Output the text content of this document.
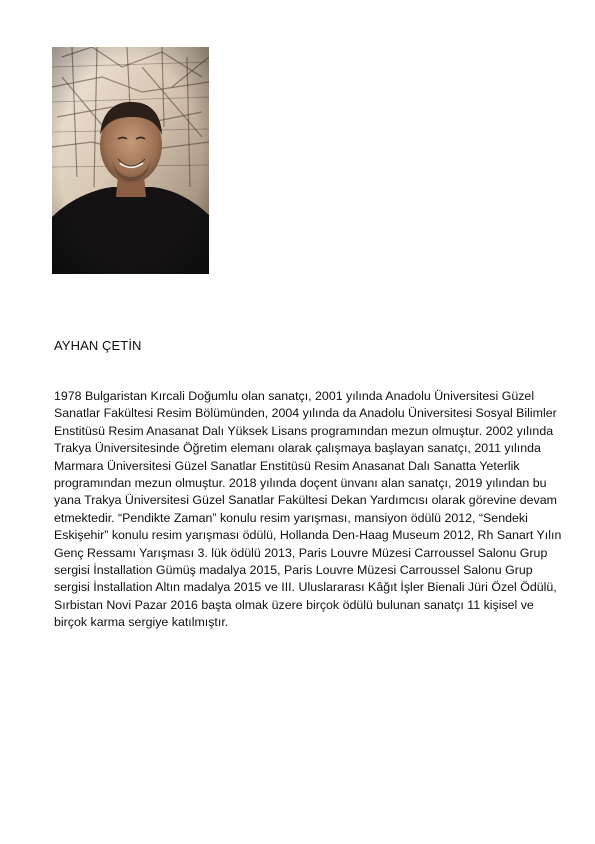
AYHAN ÇETİN

1978 Bulgaristan Kırcali Doğumlu olan sanatçı, 2001 yılında Anadolu Üniversitesi Güzel Sanatlar Fakültesi Resim Bölümünden, 2004 yılında da Anadolu Üniversitesi Sosyal Bilimler Enstitüsü Resim Anasanat Dalı Yüksek Lisans programından mezun olmuştur. 2002 yılında Trakya Üniversitesinde Öğretim elemanı olarak çalışmaya başlayan sanatçı, 2011 yılında Marmara Üniversitesi Güzel Sanatlar Enstitüsü Resim Anasanat Dalı Sanatta Yeterlik programından mezun olmuştur. 2018 yılında doçent ünvanı alan sanatçı, 2019 yılından bu yana Trakya Üniversitesi Güzel Sanatlar Fakültesi Dekan Yardımcısı olarak görevine devam etmektedir. “Pendikte Zaman” konulu resim yarışması, mansiyon ödülü 2012, “Sendeki Eskişehir” konulu resim yarışması ödülü, Hollanda Den-Haag Museum 2012, Rh Sanart Yılın Genç Ressamı Yarışması 3. lük ödülü 2013, Paris Louvre Müzesi Carroussel Salonu Grup sergisi İnstallation Gümüş madalya 2015, Paris Louvre Müzesi Carroussel Salonu Grup sergisi İnstallation Altın madalya 2015 ve III. Uluslararası Kâğıt İşler Bienali Jüri Özel Ödülü, Sırbistan Novi Pazar 2016 başta olmak üzere birçok ödülü bulunan sanatçı 11 kişisel ve birçok karma sergiye katılmıştır.
